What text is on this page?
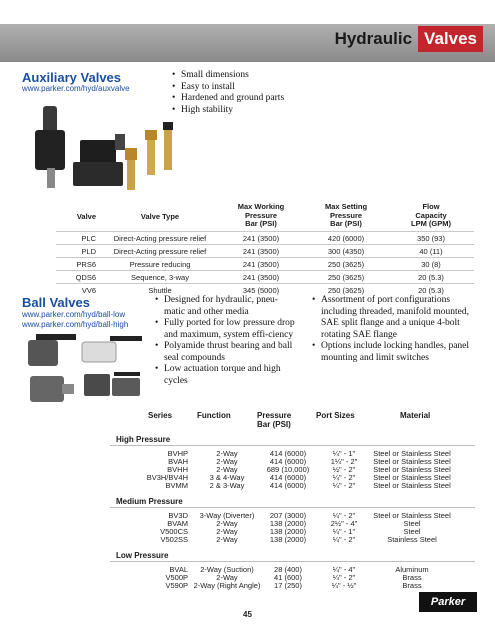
Hydraulic Valves
Auxiliary Valves
www.parker.com/hyd/auxvalve
• Small dimensions
• Easy to install
• Hardened and ground parts
• High stability
Valve	Valve Type
Max Working
Pressure
Bar (PSI)
Max Setting
Pressure
Bar (PSI)
Flow
Capacity
LPM (GPM)
PLC	Direct-Acting pressure relief	241 (3500)	420 (6000)	350 (93)
PLD	Direct-Acting pressure relief	241 (3500)	300 (4350)	40 (11)
PRS6	Pressure reducing	241 (3500)	250 (3625)	30 (8)
QDS6	Sequence, 3-way	241 (3500)	250 (3625)	20 (5.3)
VV6	Shuttle	345 (5000)	250 (3625)	20 (5.3)
Ball Valves
www.parker.com/hyd/ball-low
www.parker.com/hyd/ball-high
• Designed for hydraulic, pneu-matic and other media
• Fully ported for low pressure drop and maximum, system effi-ciency
• Polyamide thrust bearing and ball seal compounds
• Low actuation torque and high cycles
• Assortment of port configurations including threaded, manifold mounted, SAE split flange and a unique 4-bolt rotating SAE flange
• Options include locking handles, panel mounting and limit switches
Series	Function	Pressure
Bar (PSI)
Port Sizes	Material
High Pressure
BVHP	2-Way	414 (6000)	¼" - 1"	Steel or Stainless Steel
BVAH	2-Way	414 (6000)	1¼" - 2"	Steel or Stainless Steel
BVHH	2-Way	689 (10,000)	½" - 2"	Steel or Stainless Steel
BV3H/BV4H	3 & 4-Way	414 (6000)	¼" - 2"	Steel or Stainless Steel
BVMM	2 & 3-Way	414 (6000)	¼" - 2"	Steel or Stainless Steel
Medium Pressure
BV3D	3-Way (Diverter)	207 (3000)	¼" - 2"	Steel or Stainless Steel
BVAM	2-Way	138 (2000)	2½" - 4"	Steel
V500CS	2-Way	138 (2000)	¼" - 1"	Steel
V502SS	2-Way	138 (2000)	¼" - 2"	Stainless Steel
Low Pressure
BVAL	2-Way (Suction)	28 (400)	¼" - 4"	Aluminum
V500P	2-Way	41 (600)	¼" - 2"	Brass
V590P 2-Way (Right Angle)	17 (250)	¼" - ½"	Brass
45
Parker
